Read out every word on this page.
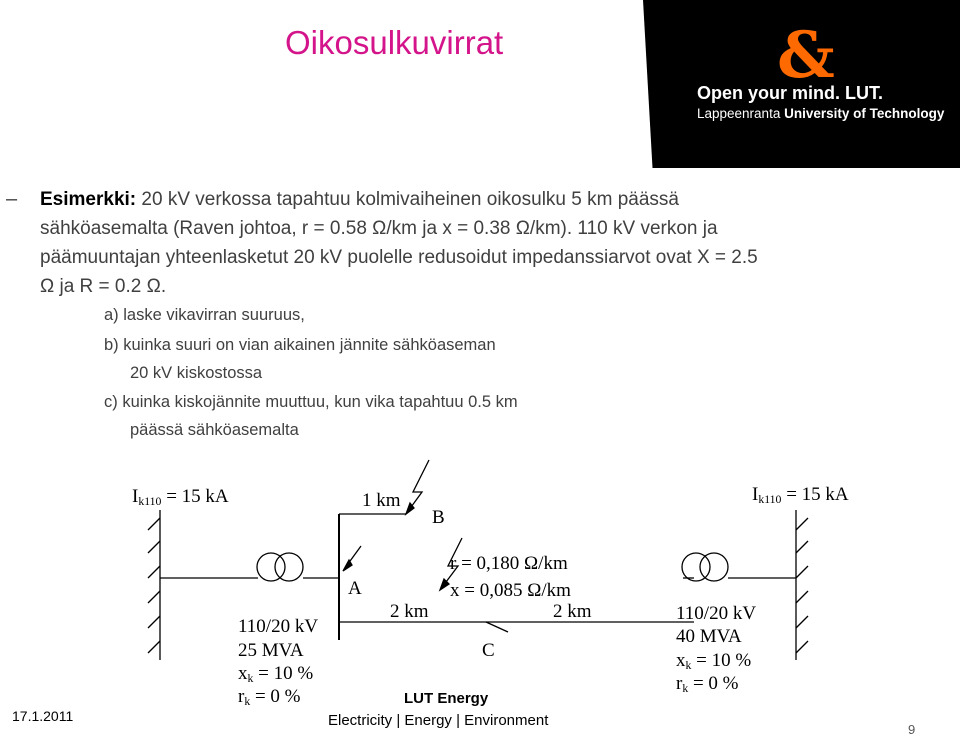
Oikosulkuvirrat	&
Open your mind. LUT.
Lappeenranta University of Technology
– Esimerkki: 20 kV verkossa tapahtuu kolmivaiheinen oikosulku 5 km päässä
sähköasemalta (Raven johtoa, r = 0.58 Ω/km ja x = 0.38 Ω/km). 110 kV verkon ja
päämuuntajan yhteenlasketut 20 kV puolelle redusoidut impedanssiarvot ovat X = 2.5
Ω ja R = 0.2 Ω.
a) laske vikavirran suuruus,
b) kuinka suuri on vian aikainen jännite sähköaseman
20 kV kiskostossa
c) kuinka kiskojännite muuttuu, kun vika tapahtuu 0.5 km
päässä sähköasemalta
$I_{k110} = 15$ kA	$I_{k110} = 15$ kA
1 km
B
A
C
r = 0,180 Ω/km
x = 0,085 Ω/km
2 km	2 km
110/20 kV
25 MVA
$x_k = 10$ %
$r_k = 0$ %
110/20 kV
40 MVA
$x_k = 10$ %
$r_k = 0$ %
17.1.2011
LUT Energy
Electricity | Energy | Environment
9
